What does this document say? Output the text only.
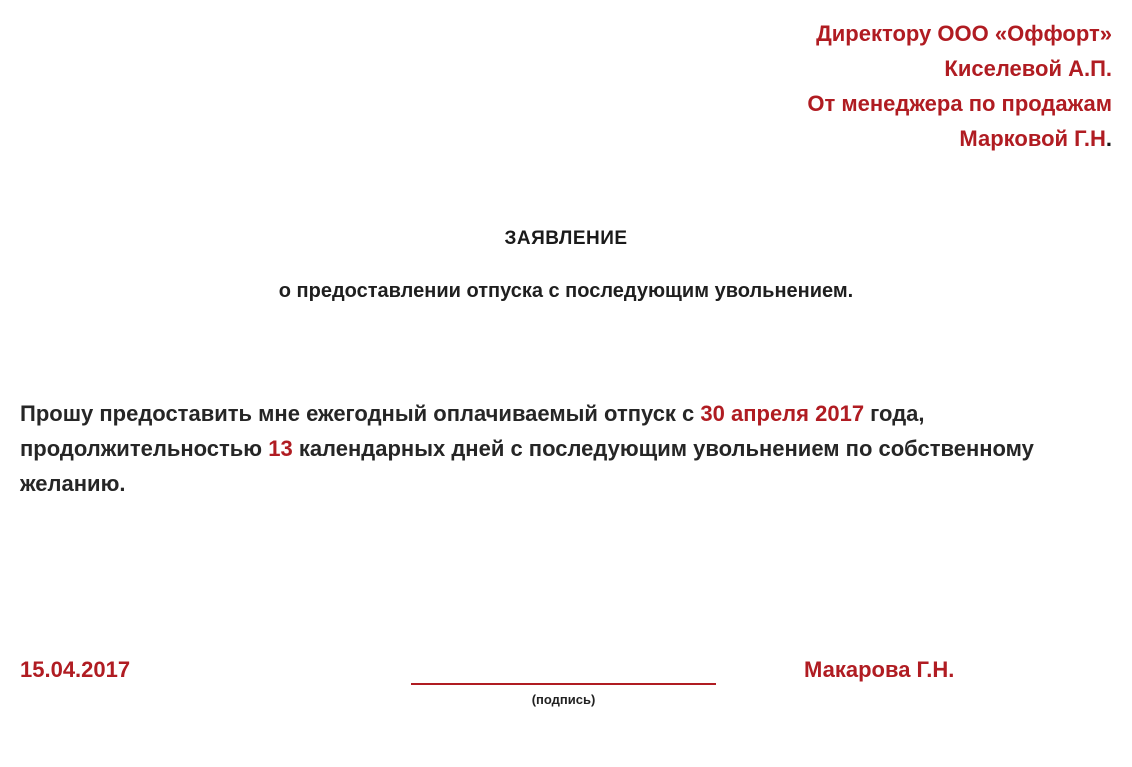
Директору ООО «Оффорт»
Киселевой А.П.
От менеджера по продажам
Марковой Г.Н.
ЗАЯВЛЕНИЕ
о предоставлении отпуска с последующим увольнением.
Прошу предоставить мне ежегодный оплачиваемый отпуск с 30 апреля 2017 года, продолжительностью 13 календарных дней с последующим увольнением по собственному желанию.
15.04.2017
(подпись)
Макарова Г.Н.
